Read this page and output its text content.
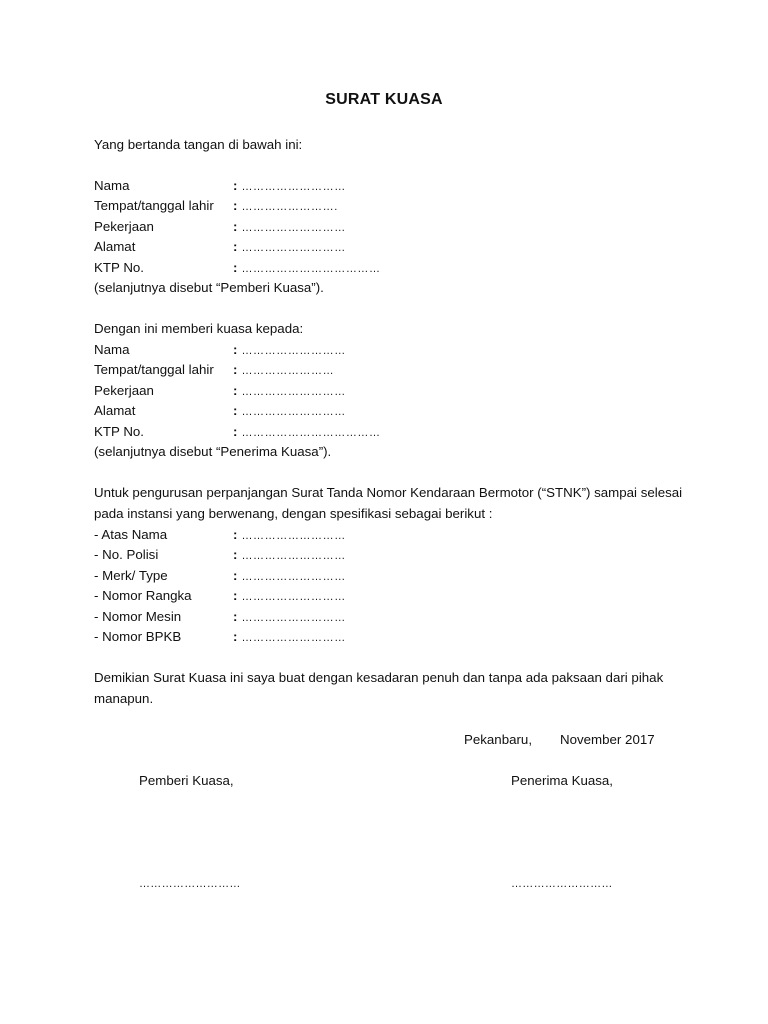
SURAT KUASA
Yang bertanda tangan di bawah ini:
Nama	: ………………………
Tempat/tanggal lahir : …………………….
Pekerjaan	: ………………………
Alamat	: ………………………
KTP No.	: ………………………………
(selanjutnya disebut “Pemberi Kuasa”).
Dengan ini memberi kuasa kepada:
Nama	: ………………………
Tempat/tanggal lahir : ……………………
Pekerjaan	: ………………………
Alamat	: ………………………
KTP No.	: ………………………………
(selanjutnya disebut “Penerima Kuasa”).
Untuk pengurusan perpanjangan Surat Tanda Nomor Kendaraan Bermotor (“STNK”) sampai selesai pada instansi yang berwenang, dengan spesifikasi sebagai berikut :
- Atas Nama	: ………………………
- No. Polisi	: ………………………
- Merk/ Type	: ………………………
- Nomor Rangka	: ………………………
- Nomor Mesin	: ………………………
- Nomor BPKB	: ………………………
Demikian Surat Kuasa ini saya buat dengan kesadaran penuh dan tanpa ada paksaan dari pihak manapun.
Pekanbaru, November 2017
Pemberi Kuasa,	Penerima Kuasa,
………………………	………………………
